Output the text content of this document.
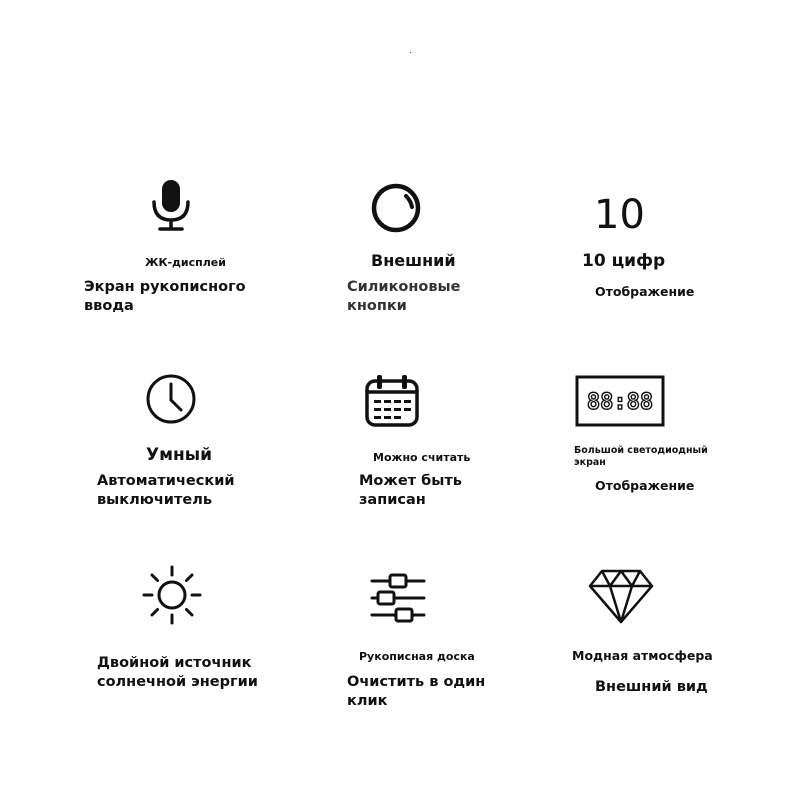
ЖК-дисплей
Экран рукописного
ввода
Внешний
Силиконовые
кнопки
10
10 цифр
Отображение
Умный
Автоматический
выключитель
Можно считать
Может быть
записан
88:88
Большой светодиодный
экран
Отображение
Двойной источник
солнечной энергии
Рукописная доска
Очистить в один
клик
Модная атмосфера
Внешний вид
